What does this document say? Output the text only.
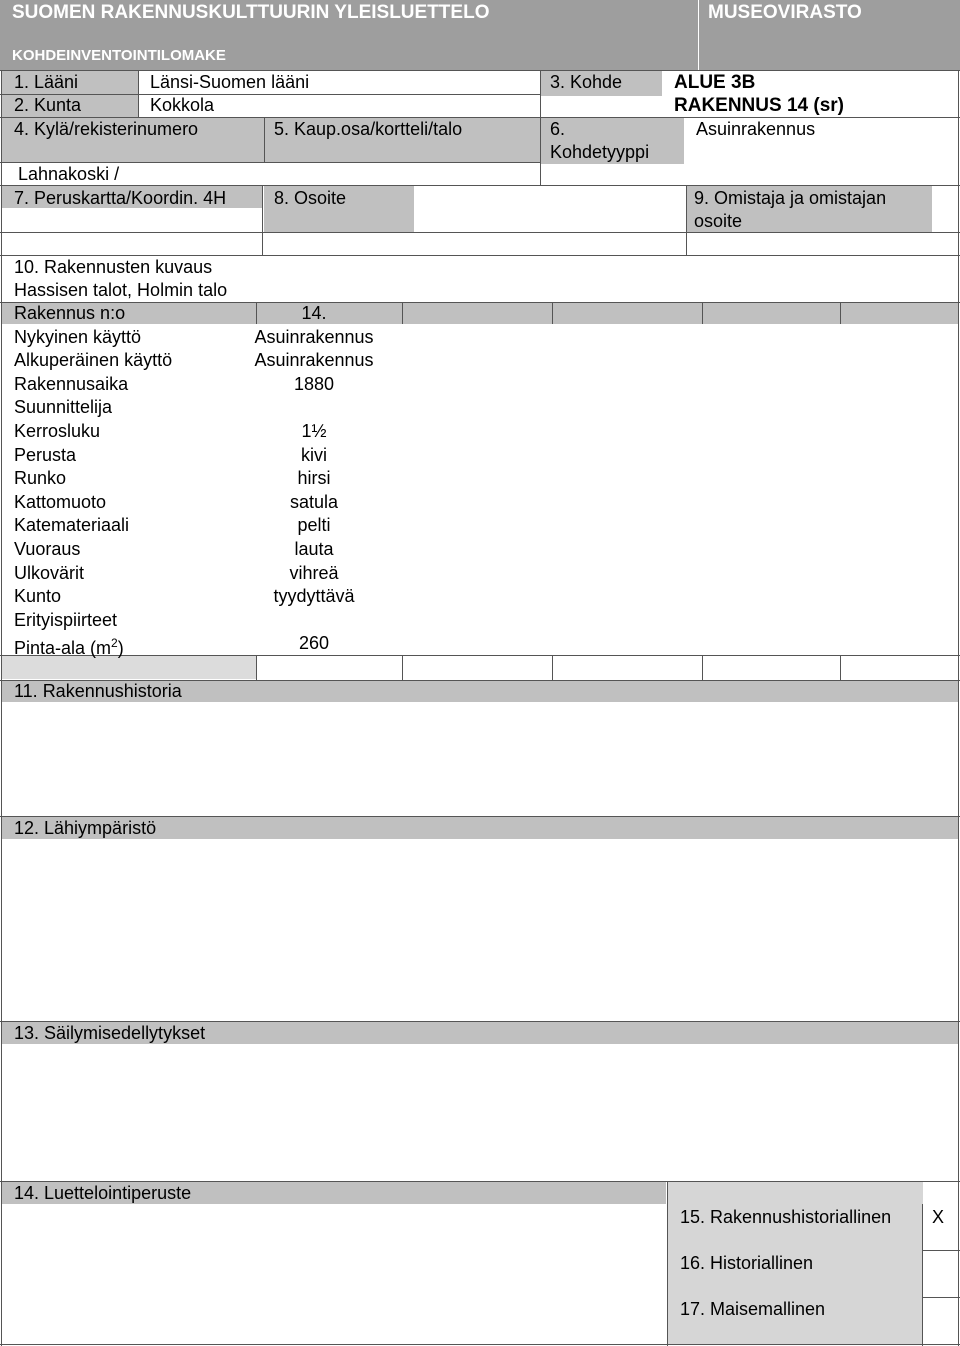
SUOMEN RAKENNUSKULTTUURIN YLEISLUETTELO
KOHDEINVENTOINTILOMAKE
MUSEOVIRASTO
1. Lääni	Länsi-Suomen lääni
2. Kunta	Kokkola
3. Kohde	ALUE 3B
RAKENNUS 14 (sr)
4. Kylä/rekisterinumero	5. Kaup.osa/kortteli/talo	6.
Kohdetyyppi
Asuinrakennus
Lahnakoski /
7. Peruskartta/Koordin. 4H	8. Osoite	9. Omistaja ja omistajan
osoite
10. Rakennusten kuvaus
Hassisen talot, Holmin talo
Rakennus n:o	14.
Nykyinen käyttö	Asuinrakennus
Alkuperäinen käyttö	Asuinrakennus
Rakennusaika	1880
Suunnittelija
Kerrosluku	1½
Perusta	kivi
Runko	hirsi
Kattomuoto	satula
Katemateriaali	pelti
Vuoraus	lauta
Ulkovärit	vihreä
Kunto	tyydyttävä
Erityispiirteet
Pinta-ala $(m^2)$	260
11. Rakennushistoria
12. Lähiympäristö
13. Säilymisedellytykset
14. Luettelointiperuste
15. Rakennushistoriallinen X
16. Historiallinen
17. Maisemallinen
